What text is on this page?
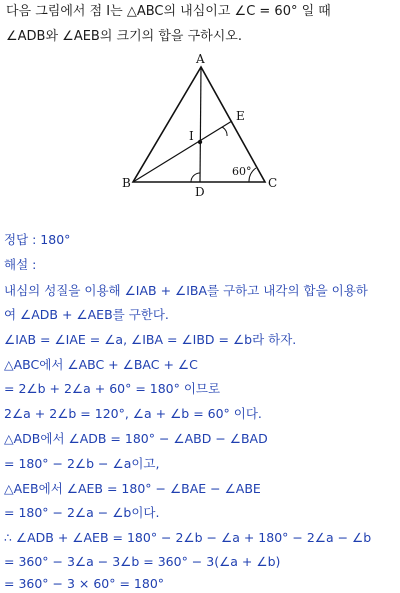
다음 그림에서 점 I는 △ABC의 내심이고 ∠C = 60° 일 때
∠ADB와 ∠AEB의 크기의 합을 구하시오.
A
B	C
D
E
I
60°
정답 : 180°
해설 :
내심의 성질을 이용해 ∠IAB + ∠IBA를 구하고 내각의 합을 이용하
여 ∠ADB + ∠AEB를 구한다.
∠IAB = ∠IAE = ∠a, ∠IBA = ∠IBD = ∠b라 하자.
△ABC에서 ∠ABC + ∠BAC + ∠C
= 2∠b + 2∠a + 60° = 180° 이므로
2∠a + 2∠b = 120°, ∠a + ∠b = 60° 이다.
△ADB에서 ∠ADB = 180° − ∠ABD − ∠BAD
= 180° − 2∠b − ∠a이고,
△AEB에서 ∠AEB = 180° − ∠BAE − ∠ABE
= 180° − 2∠a − ∠b이다.
∴ ∠ADB + ∠AEB = 180° − 2∠b − ∠a + 180° − 2∠a − ∠b
= 360° − 3∠a − 3∠b = 360° − 3(∠a + ∠b)
= 360° − 3 × 60° = 180°
